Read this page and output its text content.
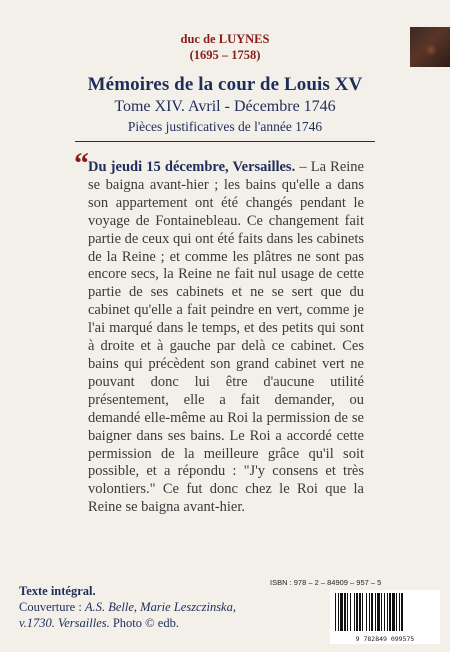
duc de LUYNES
(1695 – 1758)
Mémoires de la cour de Louis XV
Tome XIV. Avril - Décembre 1746
Pièces justificatives de l'année 1746
“ Du jeudi 15 décembre, Versailles. – La Reine se baigna avant-hier ; les bains qu'elle a dans son appartement ont été changés pendant le voyage de Fontainebleau. Ce changement fait partie de ceux qui ont été faits dans les cabinets de la Reine ; et comme les plâtres ne sont pas encore secs, la Reine ne fait nul usage de cette partie de ses cabinets et ne se sert que du cabinet qu'elle a fait peindre en vert, comme je l'ai marqué dans le temps, et des petits qui sont à droite et à gauche par delà ce cabinet. Ces bains qui précèdent son grand cabinet vert ne pouvant donc lui être d'aucune utilité présentement, elle a fait demander, ou demandé elle-même au Roi la permission de se baigner dans ses bains. Le Roi a accordé cette permission de la meilleure grâce qu'il soit possible, et a répondu : "J'y consens et très volontiers." Ce fut donc chez le Roi que la Reine se baigna avant-hier.
Texte intégral.
Couverture : A.S. Belle, Marie Leszczinska, v.1730. Versailles. Photo © edb.
ISBN : 978 – 2 – 84909 – 957 – 5
9 782849 099575
